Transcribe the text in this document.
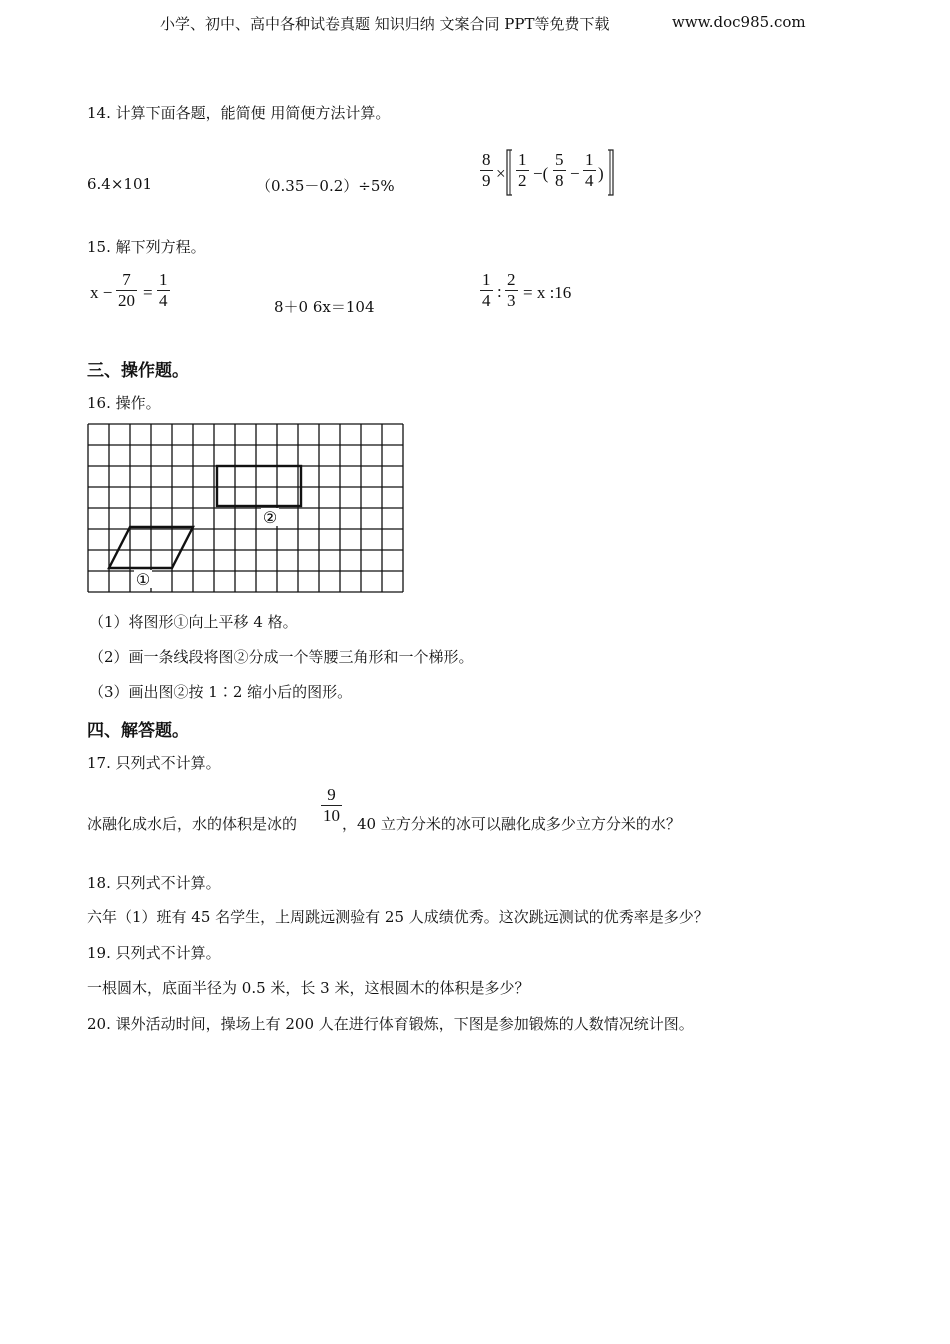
小学、初中、高中各种试卷真题 知识归纳 文案合同 PPT等免费下载	www.doc985.com
14. 计算下面各题，能简便 用简便方法计算。
6.4×101	（0.35－0.2）÷5%	$\frac{8}{9} \times \frac{1}{2}$ −( $\frac{5}{8} - \frac{1}{4}$ )
15. 解下列方程。
$x - \frac{7}{20} = \frac{1}{4}$	8＋0 6x＝104	$\frac{1}{4}$ : $\frac{2}{3} = x$ :16
三、操作题。
16. 操作。
②
①
（1）将图形①向上平移 4 格。
（2）画一条线段将图②分成一个等腰三角形和一个梯形。
（3）画出图②按 1∶2 缩小后的图形。
四、解答题。
17. 只列式不计算。
冰融化成水后，水的体积是冰的 $\frac{9}{10}$ ，40 立方分米的冰可以融化成多少立方分米的水？
18. 只列式不计算。
六年（1）班有 45 名学生，上周跳远测验有 25 人成绩优秀。这次跳远测试的优秀率是多少？
19. 只列式不计算。
一根圆木，底面半径为 0.5 米，长 3 米，这根圆木的体积是多少？
20. 课外活动时间，操场上有 200 人在进行体育锻炼，下图是参加锻炼的人数情况统计图。
